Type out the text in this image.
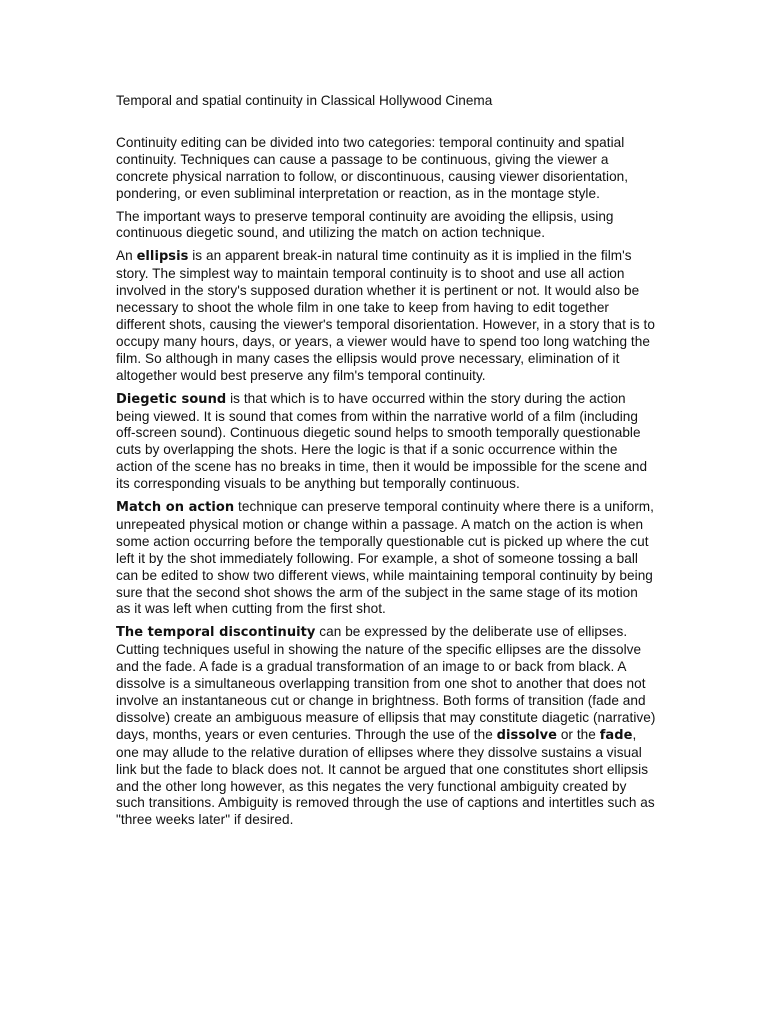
Temporal and spatial continuity in Classical Hollywood Cinema

Continuity editing can be divided into two categories: temporal continuity and spatial continuity. Techniques can cause a passage to be continuous, giving the viewer a concrete physical narration to follow, or discontinuous, causing viewer disorientation, pondering, or even subliminal interpretation or reaction, as in the montage style.

The important ways to preserve temporal continuity are avoiding the ellipsis, using continuous diegetic sound, and utilizing the match on action technique.

An ellipsis is an apparent break-in natural time continuity as it is implied in the film's story. The simplest way to maintain temporal continuity is to shoot and use all action involved in the story's supposed duration whether it is pertinent or not. It would also be necessary to shoot the whole film in one take to keep from having to edit together different shots, causing the viewer's temporal disorientation. However, in a story that is to occupy many hours, days, or years, a viewer would have to spend too long watching the film. So although in many cases the ellipsis would prove necessary, elimination of it altogether would best preserve any film's temporal continuity.

Diegetic sound is that which is to have occurred within the story during the action being viewed. It is sound that comes from within the narrative world of a film (including off-screen sound). Continuous diegetic sound helps to smooth temporally questionable cuts by overlapping the shots. Here the logic is that if a sonic occurrence within the action of the scene has no breaks in time, then it would be impossible for the scene and its corresponding visuals to be anything but temporally continuous.

Match on action technique can preserve temporal continuity where there is a uniform, unrepeated physical motion or change within a passage. A match on the action is when some action occurring before the temporally questionable cut is picked up where the cut left it by the shot immediately following. For example, a shot of someone tossing a ball can be edited to show two different views, while maintaining temporal continuity by being sure that the second shot shows the arm of the subject in the same stage of its motion as it was left when cutting from the first shot.

The temporal discontinuity can be expressed by the deliberate use of ellipses. Cutting techniques useful in showing the nature of the specific ellipses are the dissolve and the fade. A fade is a gradual transformation of an image to or back from black. A dissolve is a simultaneous overlapping transition from one shot to another that does not involve an instantaneous cut or change in brightness. Both forms of transition (fade and dissolve) create an ambiguous measure of ellipsis that may constitute diagetic (narrative) days, months, years or even centuries. Through the use of the dissolve or the fade, one may allude to the relative duration of ellipses where they dissolve sustains a visual link but the fade to black does not. It cannot be argued that one constitutes short ellipsis and the other long however, as this negates the very functional ambiguity created by such transitions. Ambiguity is removed through the use of captions and intertitles such as "three weeks later" if desired.
